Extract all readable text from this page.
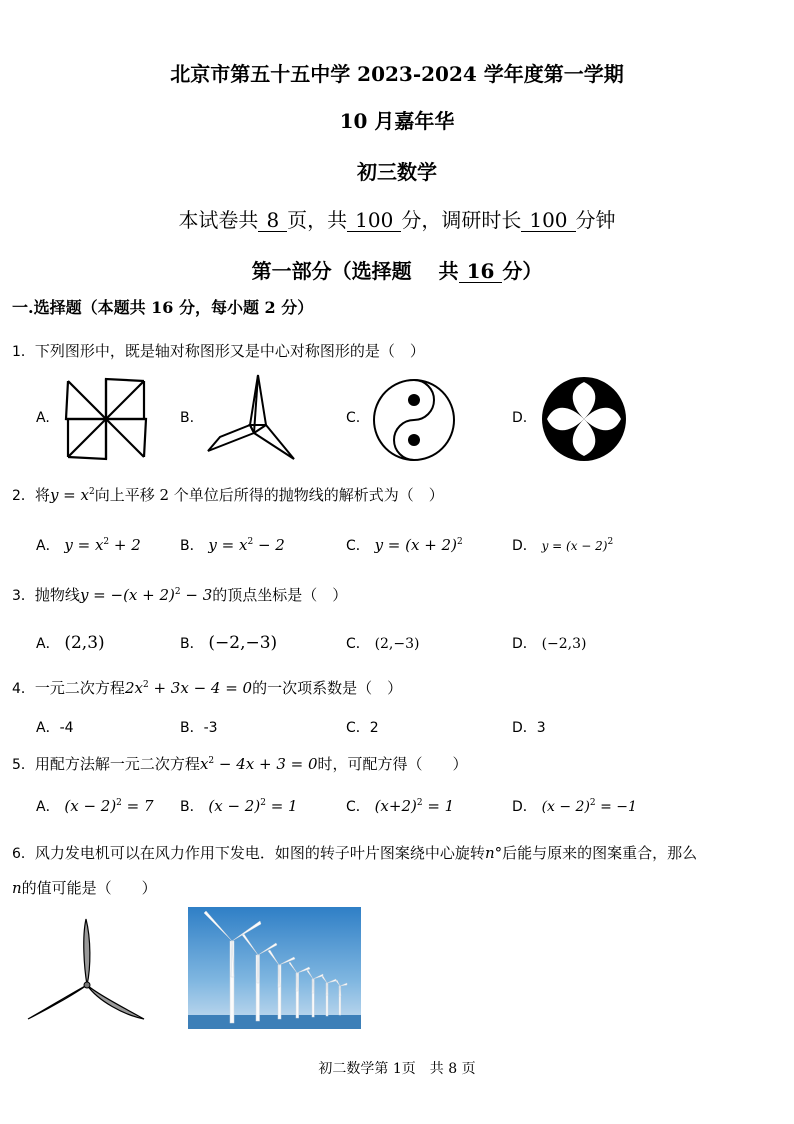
北京市第五十五中学 2023-2024 学年度第一学期
10 月嘉年华
初三数学
本试卷共 8 页，共 100 分，调研时长 100 分钟
第一部分（选择题　 共 16 分）
一.选择题（本题共 16 分，每小题 2 分）
1．下列图形中，既是轴对称图形又是中心对称图形的是（　）
A.	B.	C.	D.
2．将$y = x^2$向上平移 2 个单位后所得的抛物线的解析式为（　）
A． $y = x^2 + 2$	B． $y = x^2 - 2$	C． $y = (x + 2)^2$	D． $y = (x - 2)^2$
3．抛物线$y = -(x + 2)^2 - 3$的顶点坐标是（　）
A． (2,3)	B． (−2,−3)	C． (2,−3)	D． (−2,3)
4．一元二次方程$2x^2 + 3x - 4 = 0$的一次项系数是（　）
A．-4	B．-3	C．2	D．3
5．用配方法解一元二次方程$x^2 - 4x + 3 = 0$时，可配方得（　　）
A． $(x - 2)^2 = 7$ B． $(x - 2)^2 = 1$	C． $(x+2)^2 = 1$	D． $(x - 2)^2 = -1$
6．风力发电机可以在风力作用下发电．如图的转子叶片图案绕中心旋转n°后能与原来的图案重合，那么
n的值可能是（　　）
初二数学第 1页　共 8 页
